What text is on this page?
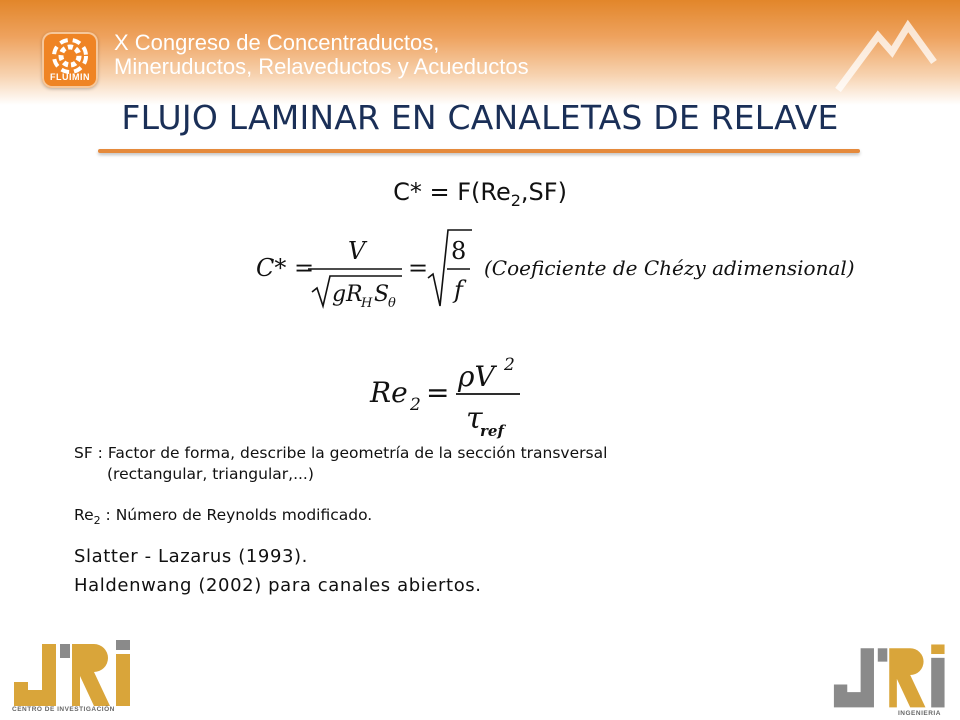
FLUIMIN
X Congreso de Concentraductos,
Mineruductos, Relaveductos y Acueductos
FLUJO LAMINAR EN CANALETAS DE RELAVE
$C* = F(Re_2,SF)$
C* =
V
g R
H S
θ
=
8
f
(Coeficiente de Chézy adimensional)
Re 2 = ρV 2
τ
ref
SF : Factor de forma, describe la geometría de la sección transversal
(rectangular, triangular,...)
$Re_2$ : Número de Reynolds modificado.
Slatter - Lazarus (1993).
Haldenwang (2002) para canales abiertos.
CENTRO DE INVESTIGACIÓN
INGENIERIA
